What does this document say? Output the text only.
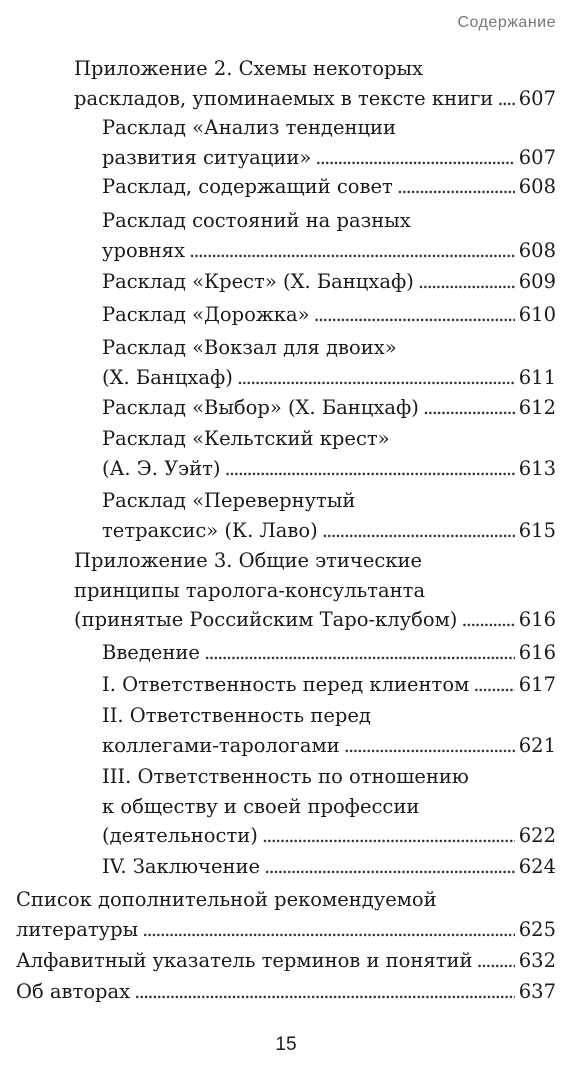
Содержание
Приложение 2. Схемы некоторых
раскладов, упоминаемых в тексте книги . . . 607
Расклад «Анализ тенденции
развития ситуации» . . .	607
Расклад, содержащий совет . . .	608
Расклад состояний на разных
уровнях . . .	608
Расклад «Крест» (Х. Банцхаф) . . .	609
Расклад «Дорожка» . . .	610
Расклад «Вокзал для двоих»
(Х. Банцхаф) . . .	611
Расклад «Выбор» (Х. Банцхаф) . . .	612
Расклад «Кельтский крест»
(А. Э. Уэйт) . . .	613
Расклад «Перевернутый
тетраксис» (К. Лаво) . . .	615
Приложение 3. Общие этические
принципы таролога-консультанта
(принятые Российским Таро-клубом) . . .	616
Введение . . .	616
I. Ответственность перед клиентом . . .	617
II. Ответственность перед
коллегами-тарологами . . .	621
III. Ответственность по отношению
к обществу и своей профессии
(деятельности) . . .	622
IV. Заключение . . .	624
Список дополнительной рекомендуемой
литературы . . .	625
Алфавитный указатель терминов и понятий . . . 632
Об авторах . . .	637
15
